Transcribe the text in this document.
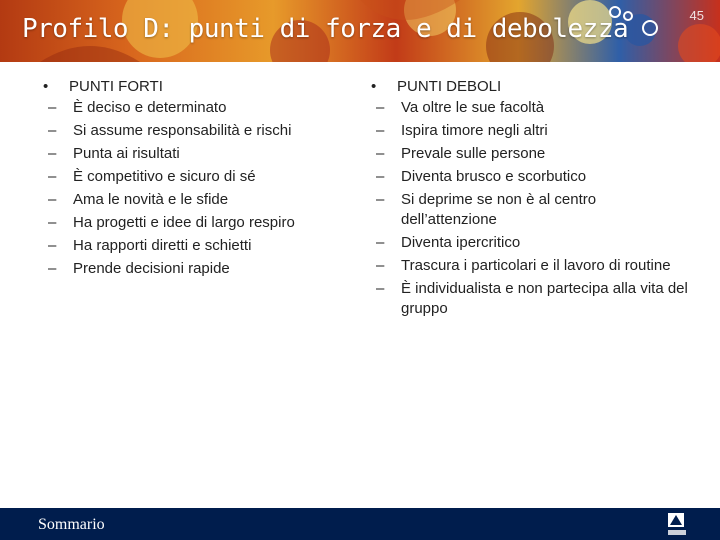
Profilo D: punti di forza e di debolezza	45
• PUNTI FORTI
– È deciso e determinato
– Si assume responsabilità e rischi
– Punta ai risultati
– È competitivo e sicuro di sé
– Ama le novità e le sfide
– Ha progetti e idee di largo respiro
– Ha rapporti diretti e schietti
– Prende decisioni rapide
• PUNTI DEBOLI
– Va oltre le sue facoltà
– Ispira timore negli altri
– Prevale sulle persone
– Diventa brusco e scorbutico
– Si deprime se non è al centro dell’attenzione
– Diventa ipercritico
– Trascura i particolari e il lavoro di routine
– È individualista e non partecipa alla vita del gruppo
Sommario
